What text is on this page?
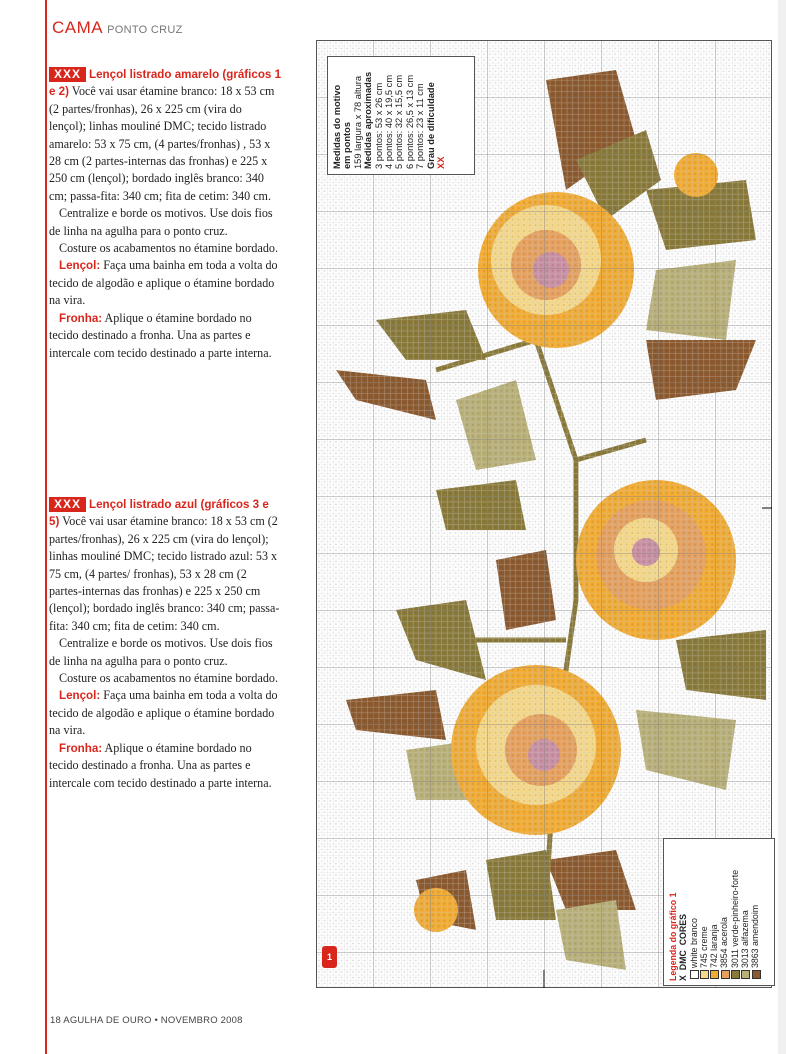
CAMA PONTO CRUZ

XXX Lençol listrado amarelo (gráficos 1 e 2) Você vai usar étamine branco: 18 x 53 cm (2 partes/fronhas), 26 x 225 cm (vira do lençol); linhas mouliné DMC; tecido listrado amarelo: 53 x 75 cm, (4 partes/fronhas) , 53 x 28 cm (2 partes-internas das fronhas) e 225 x 250 cm (lençol); bordado inglês branco: 340 cm; passa-fita: 340 cm; fita de cetim: 340 cm.

Centralize e borde os motivos. Use dois fios de linha na agulha para o ponto cruz.

Costure os acabamentos no étamine bordado.

Lençol: Faça uma bainha em toda a volta do tecido de algodão e aplique o étamine bordado na vira.

Fronha: Aplique o étamine bordado no tecido destinado a fronha. Una as partes e intercale com tecido destinado a parte interna.

XXX Lençol listrado azul (gráficos 3 e 5) Você vai usar étamine branco: 18 x 53 cm (2 partes/fronhas), 26 x 225 cm (vira do lençol); linhas mouliné DMC; tecido listrado azul: 53 x 75 cm, (4 partes/ fronhas), 53 x 28 cm (2 partes-internas das fronhas) e 225 x 250 cm (lençol); bordado inglês branco: 340 cm; passa-fita: 340 cm; fita de cetim: 340 cm.

Centralize e borde os motivos. Use dois fios de linha na agulha para o ponto cruz.

Costure os acabamentos no étamine bordado.

Lençol: Faça uma bainha em toda a volta do tecido de algodão e aplique o étamine bordado na vira.

Fronha: Aplique o étamine bordado no tecido destinado a fronha. Una as partes e intercale com tecido destinado a parte interna.

Medidas do motivo em pontos 159 largura x 78 altura Medidas aproximadas 3 pontos: 53 x 26 cm 4 pontos: 40 x 19,5 cm 5 pontos: 32 x 15,5 cm 6 pontos: 26,5 x 13 cm 7 pontos: 23 x 11 cm Grau de dificuldade XX
1	Legenda do gráfico 1 X  DMC  CORES
white branco
745 creme
742 laranja
3854 acerola
3011 verde-pinheiro-forte
3013 alfazema
3863 amendoim
18 AGULHA DE OURO • NOVEMBRO 2008
